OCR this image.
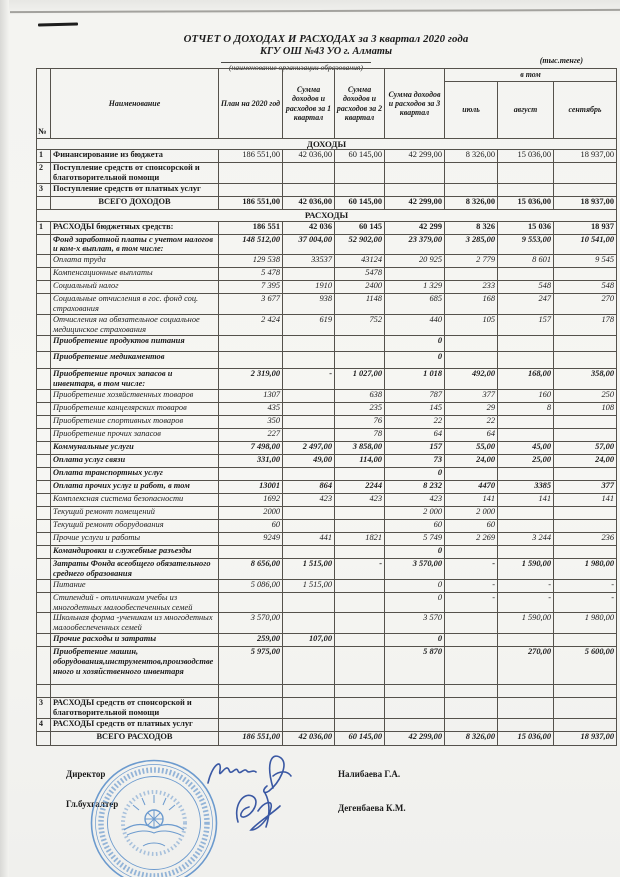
ОТЧЕТ О ДОХОДАХ И РАСХОДАХ за 3 квартал 2020 года
КГУ ОШ №43 УО г. Алматы
(наименование организации образования)
(тыс.тенге)
№	Наименование	План на 2020 год	Сумма доходов и расходов за 1 квартал	Сумма доходов и расходов за 2 квартал	Сумма доходов и расходов за 3 квартал	в том		
						июль	август	сентябрь
ДОХОДЫ								
1	Финансирование из бюджета	186 551,00	42 036,00	60 145,00	42 299,00	8 326,00	15 036,00	18 937,00
2	Поступление средств от спонсорской и благотворительной помощи							
3	Поступление средств от платных услуг							
	ВСЕГО ДОХОДОВ	186 551,00	42 036,00	60 145,00	42 299,00	8 326,00	15 036,00	18 937,00
РАСХОДЫ								
1	РАСХОДЫ бюджетных средств:	186 551	42 036	60 145	42 299	8 326	15 036	18 937
	Фонд заработной платы с учетом налогов и ком-х выплат, в том числе:	148 512,00	37 004,00	52 902,00	23 379,00	3 285,00	9 553,00	10 541,00
	Оплата труда	129 538	33537	43124	20 925	2 779	8 601	9 545
	Компенсационные выплаты	5 478		5478				
	Социальный налог	7 395	1910	2400	1 329	233	548	548
	Социальные отчисления в гос. фонд соц. страхования	3 677	938	1148	685	168	247	270
	Отчисления на обязательное социальное медицинское страхования	2 424	619	752	440	105	157	178
	Приобретение продуктов питания				0			
	Приобретение медикаментов				0			
	Приобретение прочих запасов и инвентаря, в том числе:	2 319,00	-	1 027,00	1 018	492,00	168,00	358,00
	Приобретение хозяйственных товаров	1307		638	787	377	160	250
	Приобретение канцелярских товаров	435		235	145	29	8	108
	Приобретение спортивных товаров	350		76	22	22		
	Приобретение прочих запасов	227		78	64	64		
	Коммунальные услуги	7 498,00	2 497,00	3 858,00	157	55,00	45,00	57,00
	Оплата услуг связи	331,00	49,00	114,00	73	24,00	25,00	24,00
	Оплата транспортных услуг				0			
	Оплата прочих услуг и работ, в том	13001	864	2244	8 232	4470	3385	377
	Комплексная система безопасности	1692	423	423	423	141	141	141
	Текущий ремонт помещений	2000			2 000	2 000		
	Текущий ремонт оборудования	60			60	60		
	Прочие услуги и работы	9249	441	1821	5 749	2 269	3 244	236
	Командировки и служебные разъезды				0			
	Затраты Фонда всеобщего обязательного среднего образования	8 656,00	1 515,00	-	3 570,00	-	1 590,00	1 980,00
	Питание	5 086,00	1 515,00		0	-	-	-
	Стипендий - отличникам учебы из многодетных малообеспеченных семей				0	-	-	-
	Школьная форма -ученикам из многодетных малообеспеченных семей	3 570,00			3 570		1 590,00	1 980,00
	Прочие расходы и затраты	259,00	107,00		0			
	Приобретение машин, оборудования,инструментов,производственного и хозяйственного инвентаря	5 975,00			5 870		270,00	5 600,00

3	РАСХОДЫ средств от спонсорской и благотворительной помощи							
4	РАСХОДЫ средств от платных услуг							
	ВСЕГО РАСХОДОВ	186 551,00	42 036,00	60 145,00	42 299,00	8 326,00	15 036,00	18 937,00
Директор	Налибаева Г.А.
Гл.бухгалтер	Дегенбаева К.М.
